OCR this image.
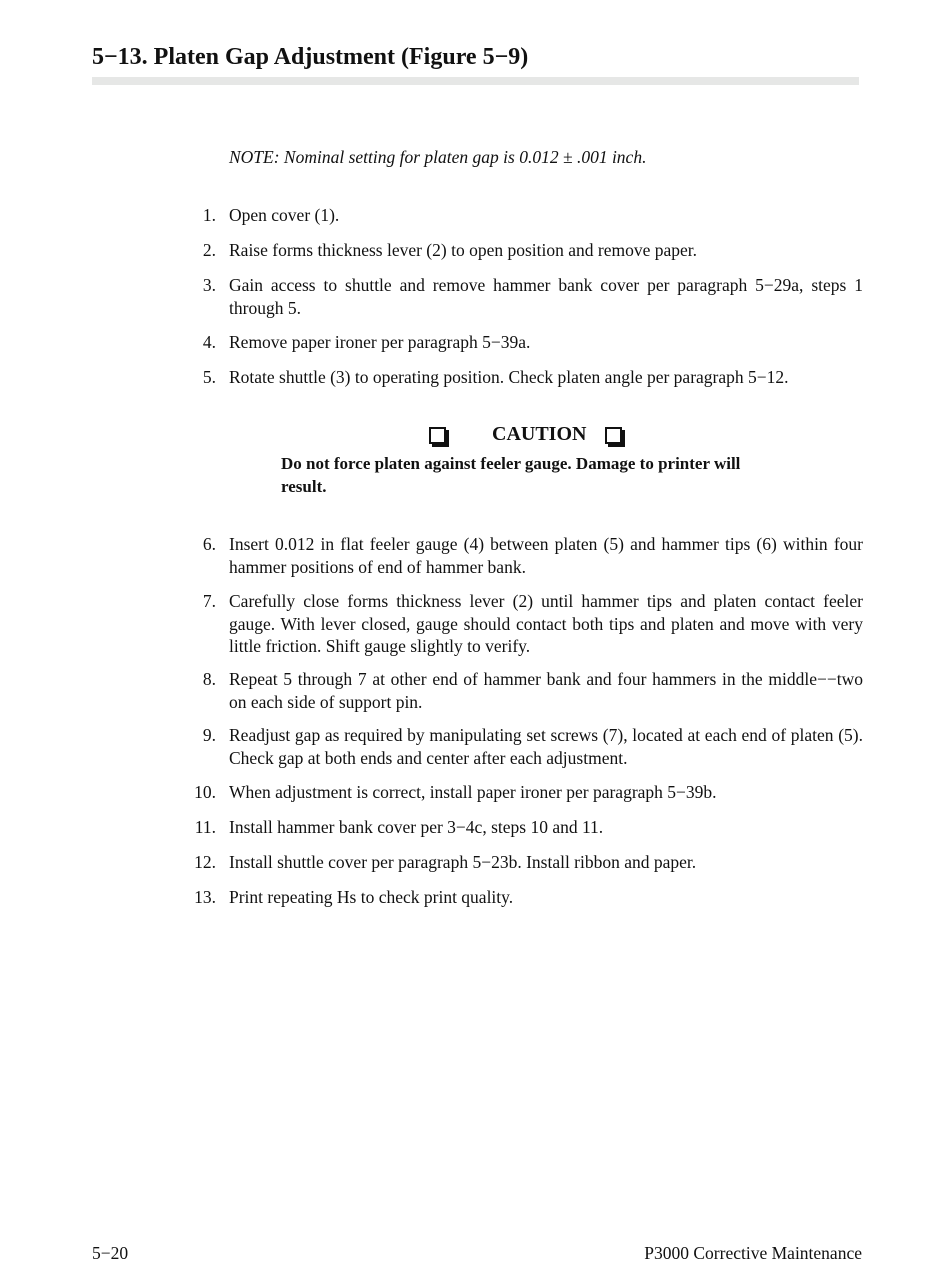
5−13. Platen Gap Adjustment (Figure 5−9)

NOTE: Nominal setting for platen gap is 0.012 ± .001 inch.

1. Open cover (1).
2. Raise forms thickness lever (2) to open position and remove paper.
3. Gain access to shuttle and remove hammer bank cover per paragraph 5−29a, steps 1 through 5.
4. Remove paper ironer per paragraph 5−39a.
5. Rotate shuttle (3) to operating position. Check platen angle per paragraph 5−12.
CAUTION

Do not force platen against feeler gauge. Damage to printer will result.

6. Insert 0.012 in flat feeler gauge (4) between platen (5) and hammer tips (6) within four hammer positions of end of hammer bank.
7. Carefully close forms thickness lever (2) until hammer tips and platen contact feeler gauge. With lever closed, gauge should contact both tips and platen and move with very little friction. Shift gauge slightly to verify.
8. Repeat 5 through 7 at other end of hammer bank and four hammers in the middle−−two on each side of support pin.
9. Readjust gap as required by manipulating set screws (7), located at each end of platen (5). Check gap at both ends and center after each adjustment.
10. When adjustment is correct, install paper ironer per paragraph 5−39b.
11. Install hammer bank cover per 3−4c, steps 10 and 11.
12. Install shuttle cover per paragraph 5−23b. Install ribbon and paper.
13. Print repeating Hs to check print quality.
5−20	P3000 Corrective Maintenance
